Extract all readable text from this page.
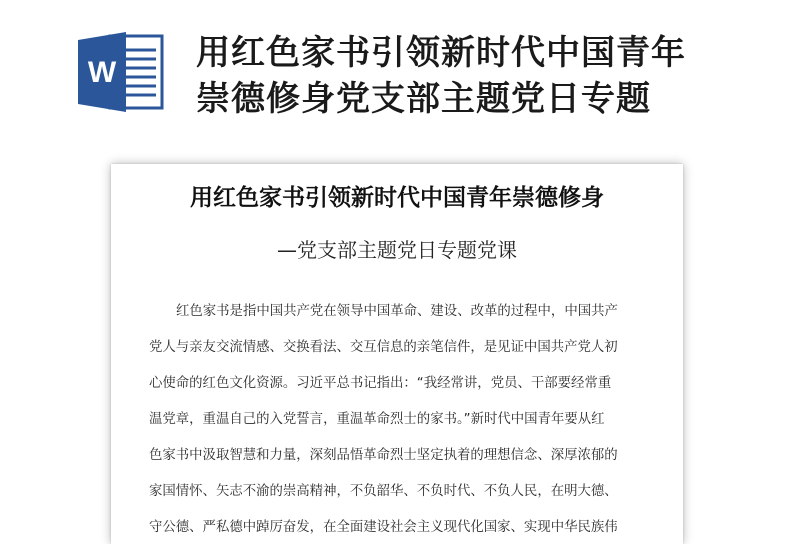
W 用红色家书引领新时代中国青年
崇德修身党支部主题党日专题
用红色家书引领新时代中国青年崇德修身

—党支部主题党日专题党课

红色家书是指中国共产党在领导中国革命、建设、改革的过程中，中国共产
党人与亲友交流情感、交换看法、交互信息的亲笔信件，是见证中国共产党人初
心使命的红色文化资源。习近平总书记指出：“我经常讲，党员、干部要经常重
温党章，重温自己的入党誓言，重温革命烈士的家书。”新时代中国青年要从红
色家书中汲取智慧和力量，深刻品悟革命烈士坚定执着的理想信念、深厚浓郁的
家国情怀、矢志不渝的崇高精神，不负韶华、不负时代、不负人民，在明大德、
守公德、严私德中踔厉奋发，在全面建设社会主义现代化国家、实现中华民族伟
